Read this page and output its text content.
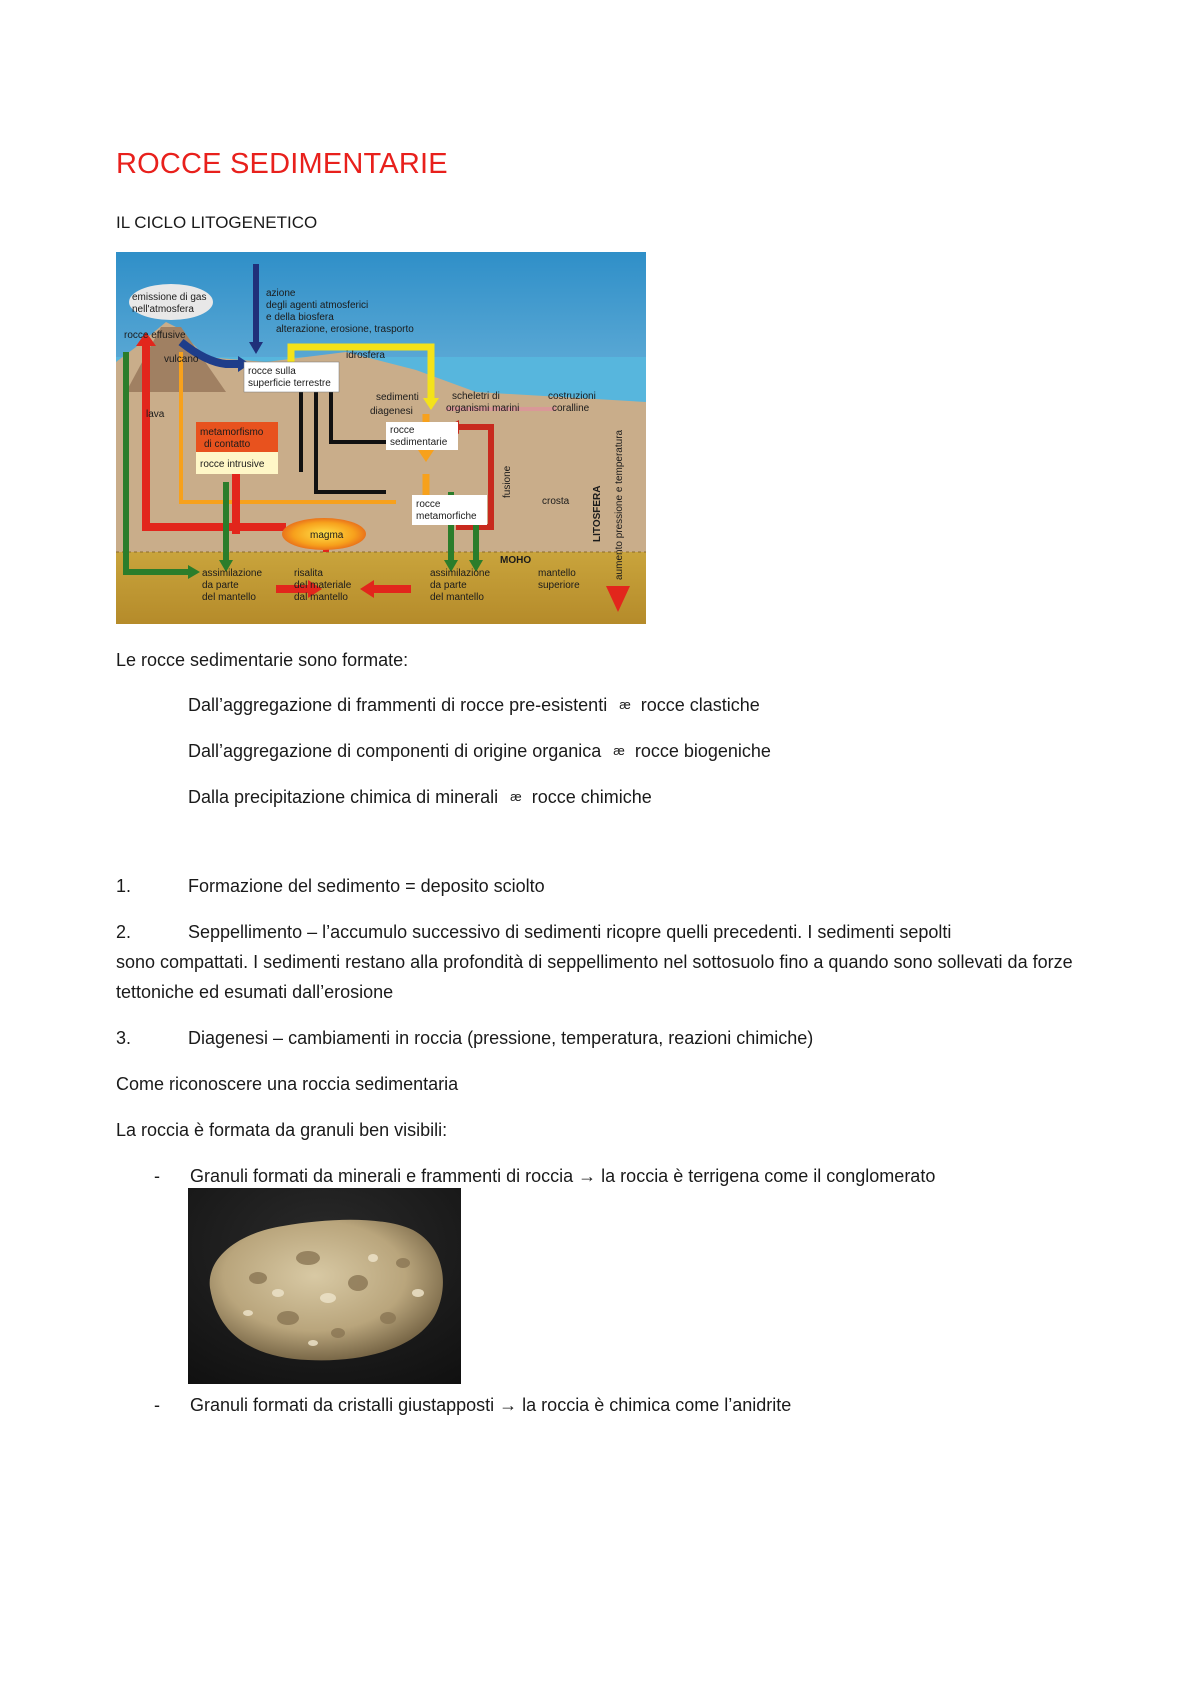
ROCCE SEDIMENTARIE
IL CICLO LITOGENETICO
emissione di gas
nell'atmosfera
azione
degli agenti atmosferici
e della biosfera
alterazione, erosione, trasporto
rocce effusive
vulcano	idrosfera
rocce sulla
superficie terrestre
sedimenti
diagenesi
scheletri di
organismi marini
costruzioni
coralline
lava
metamorfismo
di contatto
rocce intrusive
rocce
sedimentarie
fusione
crosta LITOSFERA aumento pressione e temperatura
rocce
metamorfiche
magma
MOHO
assimilazione
da parte
del mantello
risalita
del materiale
dal mantello
assimilazione
da parte
del mantello
mantello
superiore
Le rocce sedimentarie sono formate:
Dall’aggregazione di frammenti di rocce pre-esistenti æ rocce clastiche
Dall’aggregazione di componenti di origine organica æ rocce biogeniche
Dalla precipitazione chimica di minerali æ rocce chimiche
1.	Formazione del sedimento = deposito sciolto
2.	Seppellimento – l’accumulo successivo di sedimenti ricopre quelli precedenti. I sedimenti sepolti
sono compattati. I sedimenti restano alla profondità di seppellimento nel sottosuolo fino a quando sono sollevati da forze tettoniche ed esumati dall’erosione
3.	Diagenesi – cambiamenti in roccia (pressione, temperatura, reazioni chimiche)
Come riconoscere una roccia sedimentaria
La roccia è formata da granuli ben visibili:
- Granuli formati da minerali e frammenti di roccia → la roccia è terrigena come il conglomerato
- Granuli formati da cristalli giustapposti → la roccia è chimica come l’anidrite
